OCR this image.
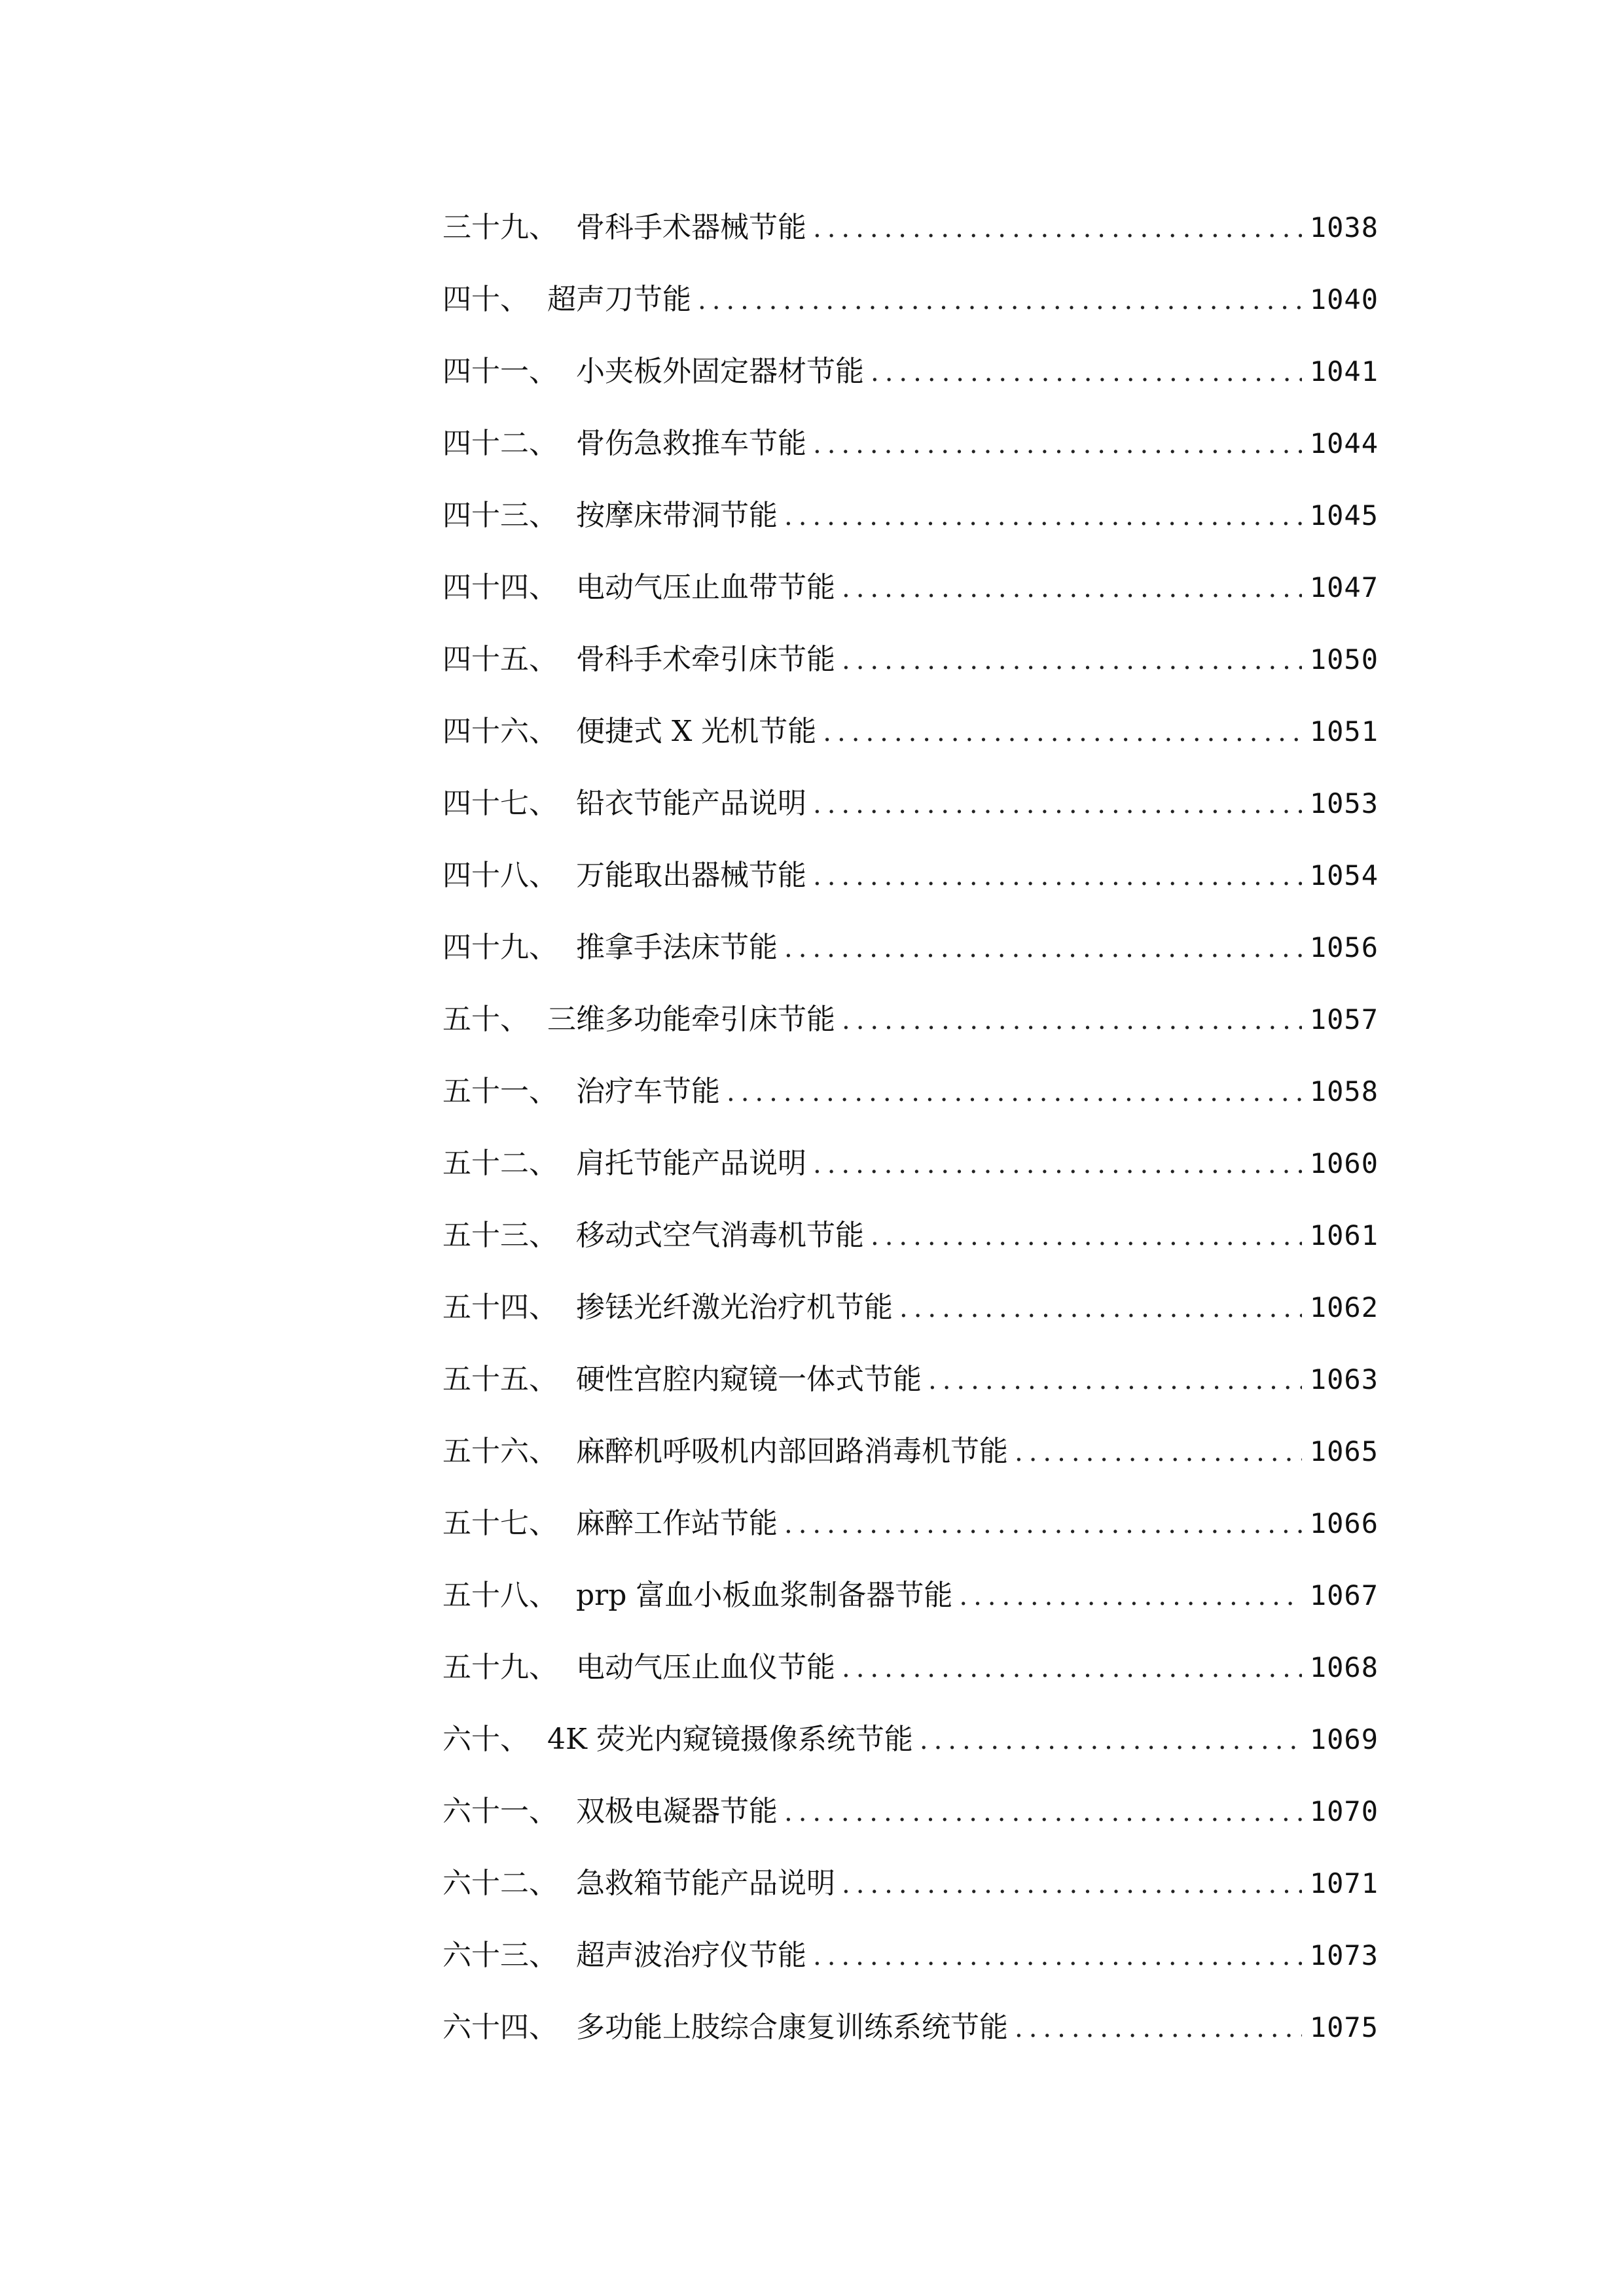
三十九、 骨科手术器械节能 .....	1038
四十、 超声刀节能 .....	1040
四十一、 小夹板外固定器材节能 .....	1041
四十二、 骨伤急救推车节能 .....	1044
四十三、 按摩床带洞节能 .....	1045
四十四、 电动气压止血带节能 .....	1047
四十五、 骨科手术牵引床节能 .....	1050
四十六、 便捷式 X 光机节能 .....	1051
四十七、 铅衣节能产品说明 .....	1053
四十八、 万能取出器械节能 .....	1054
四十九、 推拿手法床节能 .....	1056
五十、 三维多功能牵引床节能 .....	1057
五十一、 治疗车节能 .....	1058
五十二、 肩托节能产品说明 .....	1060
五十三、 移动式空气消毒机节能 .....	1061
五十四、 掺铥光纤激光治疗机节能 .....	1062
五十五、 硬性宫腔内窥镜一体式节能 .....	1063
五十六、 麻醉机呼吸机内部回路消毒机节能 .....	1065
五十七、 麻醉工作站节能 .....	1066
五十八、 prp 富血小板血浆制备器节能 .....	1067
五十九、 电动气压止血仪节能 .....	1068
六十、 4K 荧光内窥镜摄像系统节能 .....	1069
六十一、 双极电凝器节能 .....	1070
六十二、 急救箱节能产品说明 .....	1071
六十三、 超声波治疗仪节能 .....	1073
六十四、 多功能上肢综合康复训练系统节能 .....	1075
